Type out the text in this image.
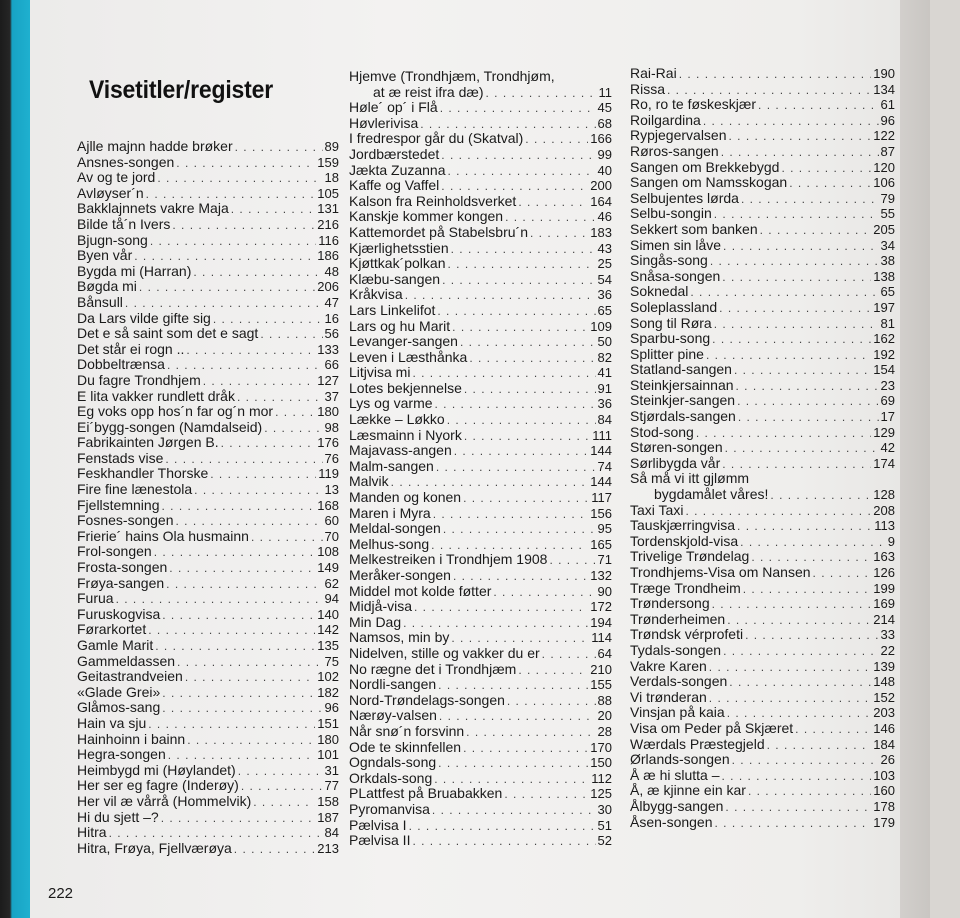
Visetitler/register
Ajlle majnn hadde brøker . . .	89
Ansnes-songen . . .	159
Av og te jord . . .	18
Avløyser´n . . .	105
Bakklajnnets vakre Maja . . .	131
Bilde tå´n Ivers . . .	216
Bjugn-song . . .	116
Byen vår . . .	186
Bygda mi (Harran) . . .	48
Bøgda mi . . .	206
Bånsull . . .	47
Da Lars vilde gifte sig . . .	16
Det e så saint som det e sagt . . .	56
Det står ei rogn .. . . .	133
Dobbeltrænsa . . .	66
Du fagre Trondhjem . . .	127
E lita vakker rundlett dråk . . .	37
Eg voks opp hos´n far og´n mor . . .	180
Ei´bygg-songen (Namdalseid) . . .	98
Fabrikainten Jørgen B. . . .	176
Fenstads vise . . .	76
Feskhandler Thorske . . .	119
Fire fine lænestola . . .	13
Fjellstemning . . .	168
Fosnes-songen . . .	60
Frierie´ hains Ola husmainn . . .	70
Frol-songen . . .	108
Frosta-songen . . .	149
Frøya-sangen . . .	62
Furua . . .	94
Furuskogvisa . . .	140
Førarkortet . . .	142
Gamle Marit . . .	135
Gammeldassen . . .	75
Geitastrandveien . . .	102
«Glade Grei» . . .	182
Glåmos-sang . . .	96
Hain va sju . . .	151
Hainhoinn i bainn . . .	180
Hegra-songen . . .	101
Heimbygd mi (Høylandet) . . .	31
Her ser eg fagre (Inderøy) . . .	77
Her vil æ vårrå (Hommelvik) . . .	158
Hi du sjett –? . . .	187
Hitra . . .	84
Hitra, Frøya, Fjellværøya . . .	213
Hjemve (Trondhjæm, Trondhjøm,
at æ reist ifra dæ) . . .	11
Høle´ op´ i Flå . . .	45
Høvlerivisa . . .	68
I fredrespor går du (Skatval) . . .	166
Jordbærstedet . . .	99
Jækta Zuzanna . . .	40
Kaffe og Vaffel . . .	200
Kalson fra Reinholdsverket . . .	164
Kanskje kommer kongen . . .	46
Kattemordet på Stabelsbru´n . . .	183
Kjærlighetsstien . . .	43
Kjøttkak´polkan . . .	25
Klæbu-sangen . . .	54
Kråkvisa . . .	36
Lars Linkelifot . . .	65
Lars og hu Marit . . .	109
Levanger-sangen . . .	50
Leven i Læsthånka . . .	82
Litjvisa mi . . .	41
Lotes bekjennelse . . .	91
Lys og varme . . .	36
Lække – Løkko . . .	84
Læsmainn i Nyork . . .	111
Majavass-angen . . .	144
Malm-sangen . . .	74
Malvik . . .	144
Manden og konen . . .	117
Maren i Myra . . .	156
Meldal-songen . . .	95
Melhus-song . . .	165
Melkestreiken i Trondhjem 1908 . . .	71
Meråker-songen . . .	132
Middel mot kolde føtter . . .	90
Midjå-visa . . .	172
Min Dag . . .	194
Namsos, min by . . .	114
Nidelven, stille og vakker du er . . .	64
No rægne det i Trondhjæm . . .	210
Nordli-sangen . . .	155
Nord-Trøndelags-songen . . .	88
Nærøy-valsen . . .	20
Når snø´n forsvinn . . .	28
Ode te skinnfellen . . .	170
Ogndals-song . . .	150
Orkdals-song . . .	112
PLattfest på Bruabakken . . .	125
Pyromanvisa . . .	30
Pælvisa I . . .	51
Pælvisa II . . .	52
Rai-Rai . . .	190
Rissa . . .	134
Ro, ro te føskeskjær . . .	61
Roilgardina . . .	96
Rypjegervalsen . . .	122
Røros-sangen . . .	87
Sangen om Brekkebygd . . .	120
Sangen om Namsskogan . . .	106
Selbujentes lørda . . .	79
Selbu-songin . . .	55
Sekkert som banken . . .	205
Simen sin låve . . .	34
Singås-song . . .	38
Snåsa-songen . . .	138
Soknedal . . .	65
Soleplassland . . .	197
Song til Røra . . .	81
Sparbu-song . . .	162
Splitter pine . . .	192
Statland-sangen . . .	154
Steinkjersainnan . . .	23
Steinkjer-sangen . . .	69
Stjørdals-sangen . . .	17
Stod-song . . .	129
Støren-songen . . .	42
Sørlibygda vår . . .	174
Så må vi itt gjlømm
bygdamålet våres! . . .	128
Taxi Taxi . . .	208
Tauskjærringvisa . . .	113
Tordenskjold-visa . . .	9
Trivelige Trøndelag . . .	163
Trondhjems-Visa om Nansen . . .	126
Træge Trondheim . . .	199
Trøndersong . . .	169
Trønderheimen . . .	214
Trøndsk vérprofeti . . .	33
Tydals-songen . . .	22
Vakre Karen . . .	139
Verdals-songen . . .	148
Vi trønderan . . .	152
Vinsjan på kaia . . .	203
Visa om Peder på Skjæret . . .	146
Wærdals Præstegjeld . . .	184
Ørlands-songen . . .	26
Å æ hi slutta – . . .	103
Å, æ kjinne ein kar . . .	160
Ålbygg-sangen . . .	178
Åsen-songen . . .	179
222
